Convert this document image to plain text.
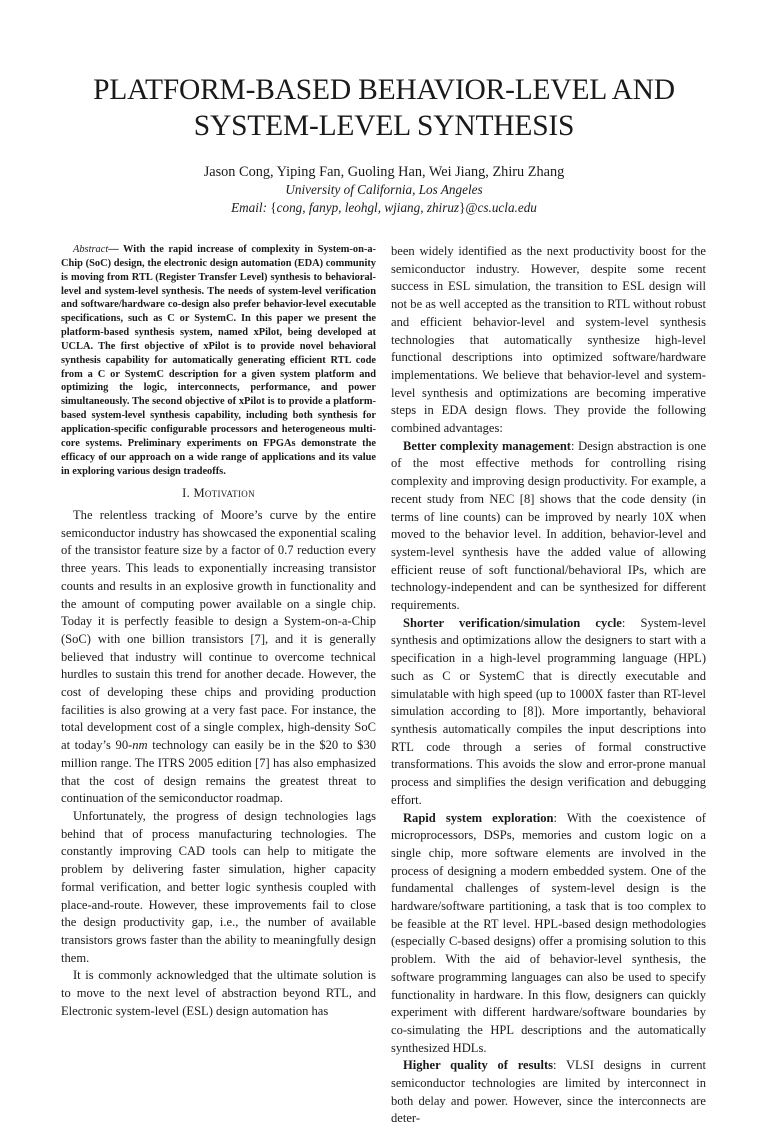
PLATFORM-BASED BEHAVIOR-LEVEL AND
SYSTEM-LEVEL SYNTHESIS
Jason Cong, Yiping Fan, Guoling Han, Wei Jiang, Zhiru Zhang
University of California, Los Angeles
Email: {cong, fanyp, leohgl, wjiang, zhiruz}@cs.ucla.edu

Abstract— With the rapid increase of complexity in System-on-a-Chip (SoC) design, the electronic design automation (EDA) community is moving from RTL (Register Transfer Level) synthesis to behavioral-level and system-level synthesis. The needs of system-level verification and software/hardware co-design also prefer behavior-level executable specifications, such as C or SystemC. In this paper we present the platform-based synthesis system, named xPilot, being developed at UCLA. The first objective of xPilot is to provide novel behavioral synthesis capability for automatically generating efficient RTL code from a C or SystemC description for a given system platform and optimizing the logic, interconnects, performance, and power simultaneously. The second objective of xPilot is to provide a platform-based system-level synthesis capability, including both synthesis for application-specific configurable processors and heterogeneous multi-core systems. Preliminary experiments on FPGAs demonstrate the efficacy of our approach on a wide range of applications and its value in exploring various design tradeoffs.

I. Motivation

The relentless tracking of Moore’s curve by the entire semiconductor industry has showcased the exponential scaling of the transistor feature size by a factor of 0.7 reduction every three years. This leads to exponentially increasing transistor counts and results in an explosive growth in functionality and the amount of computing power available on a single chip. Today it is perfectly feasible to design a System-on-a-Chip (SoC) with one billion transistors [7], and it is generally believed that industry will continue to overcome technical hurdles to sustain this trend for another decade. However, the cost of developing these chips and providing production facilities is also growing at a very fast pace. For instance, the total development cost of a single complex, high-density SoC at today’s 90-nm technology can easily be in the $20 to $30 million range. The ITRS 2005 edition [7] has also emphasized that the cost of design remains the greatest threat to continuation of the semiconductor roadmap.

Unfortunately, the progress of design technologies lags behind that of process manufacturing technologies. The constantly improving CAD tools can help to mitigate the problem by delivering faster simulation, higher capacity formal verification, and better logic synthesis coupled with place-and-route. However, these improvements fail to close the design productivity gap, i.e., the number of available transistors grows faster than the ability to meaningfully design them.

It is commonly acknowledged that the ultimate solution is to move to the next level of abstraction beyond RTL, and Electronic system-level (ESL) design automation has

been widely identified as the next productivity boost for the semiconductor industry. However, despite some recent success in ESL simulation, the transition to ESL design will not be as well accepted as the transition to RTL without robust and efficient behavior-level and system-level synthesis technologies that automatically synthesize high-level functional descriptions into optimized software/hardware implementations. We believe that behavior-level and system-level synthesis and optimizations are becoming imperative steps in EDA design flows. They provide the following combined advantages:

Better complexity management: Design abstraction is one of the most effective methods for controlling rising complexity and improving design productivity. For example, a recent study from NEC [8] shows that the code density (in terms of line counts) can be improved by nearly 10X when moved to the behavior level. In addition, behavior-level and system-level synthesis have the added value of allowing efficient reuse of soft functional/behavioral IPs, which are technology-independent and can be synthesized for different requirements.

Shorter verification/simulation cycle: System-level synthesis and optimizations allow the designers to start with a specification in a high-level programming language (HPL) such as C or SystemC that is directly executable and simulatable with high speed (up to 1000X faster than RT-level simulation according to [8]). More importantly, behavioral synthesis automatically compiles the input descriptions into RTL code through a series of formal constructive transformations. This avoids the slow and error-prone manual process and simplifies the design verification and debugging effort.

Rapid system exploration: With the coexistence of microprocessors, DSPs, memories and custom logic on a single chip, more software elements are involved in the process of designing a modern embedded system. One of the fundamental challenges of system-level design is the hardware/software partitioning, a task that is too complex to be feasible at the RT level. HPL-based design methodologies (especially C-based designs) offer a promising solution to this problem. With the aid of behavior-level synthesis, the software programming languages can also be used to specify functionality in hardware. In this flow, designers can quickly experiment with different hardware/software boundaries by co-simulating the HPL descriptions and the automatically synthesized HDLs.

Higher quality of results: VLSI designs in current semiconductor technologies are limited by interconnect in both delay and power. However, since the interconnects are deter-
